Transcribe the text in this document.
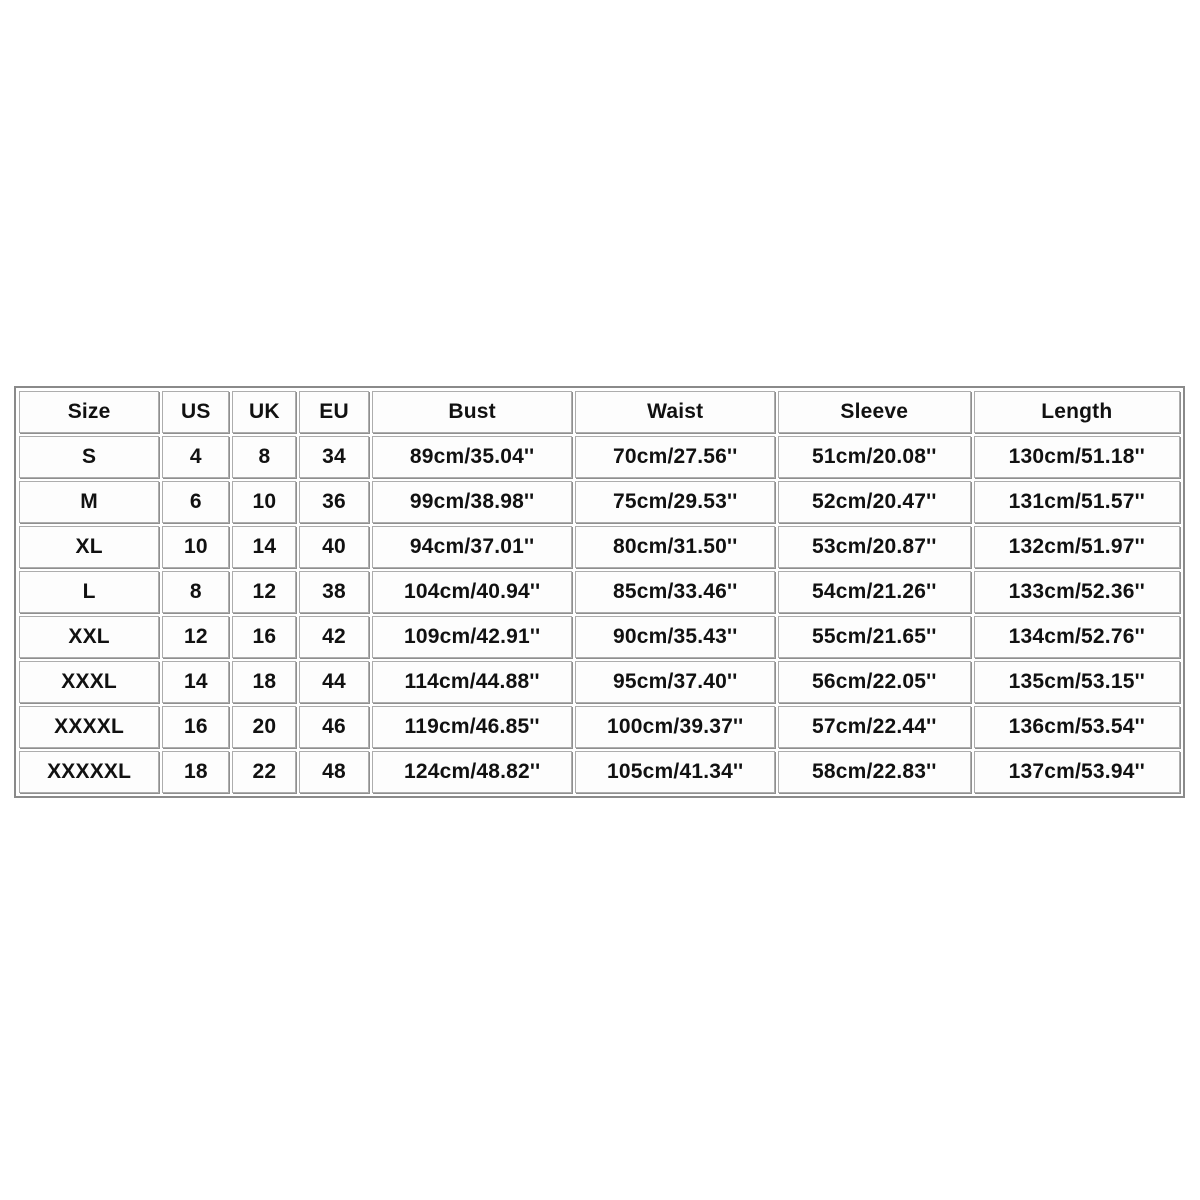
Size	US	UK	EU	Bust	Waist	Sleeve	Length
S	4	8	34	89cm/35.04''	70cm/27.56''	51cm/20.08''	130cm/51.18''
M	6	10	36	99cm/38.98''	75cm/29.53''	52cm/20.47''	131cm/51.57''
XL	10	14	40	94cm/37.01''	80cm/31.50''	53cm/20.87''	132cm/51.97''
L	8	12	38	104cm/40.94''	85cm/33.46''	54cm/21.26''	133cm/52.36''
XXL	12	16	42	109cm/42.91''	90cm/35.43''	55cm/21.65''	134cm/52.76''
XXXL	14	18	44	114cm/44.88''	95cm/37.40''	56cm/22.05''	135cm/53.15''
XXXXL	16	20	46	119cm/46.85''	100cm/39.37''	57cm/22.44''	136cm/53.54''
XXXXXL	18	22	48	124cm/48.82''	105cm/41.34''	58cm/22.83''	137cm/53.94''
